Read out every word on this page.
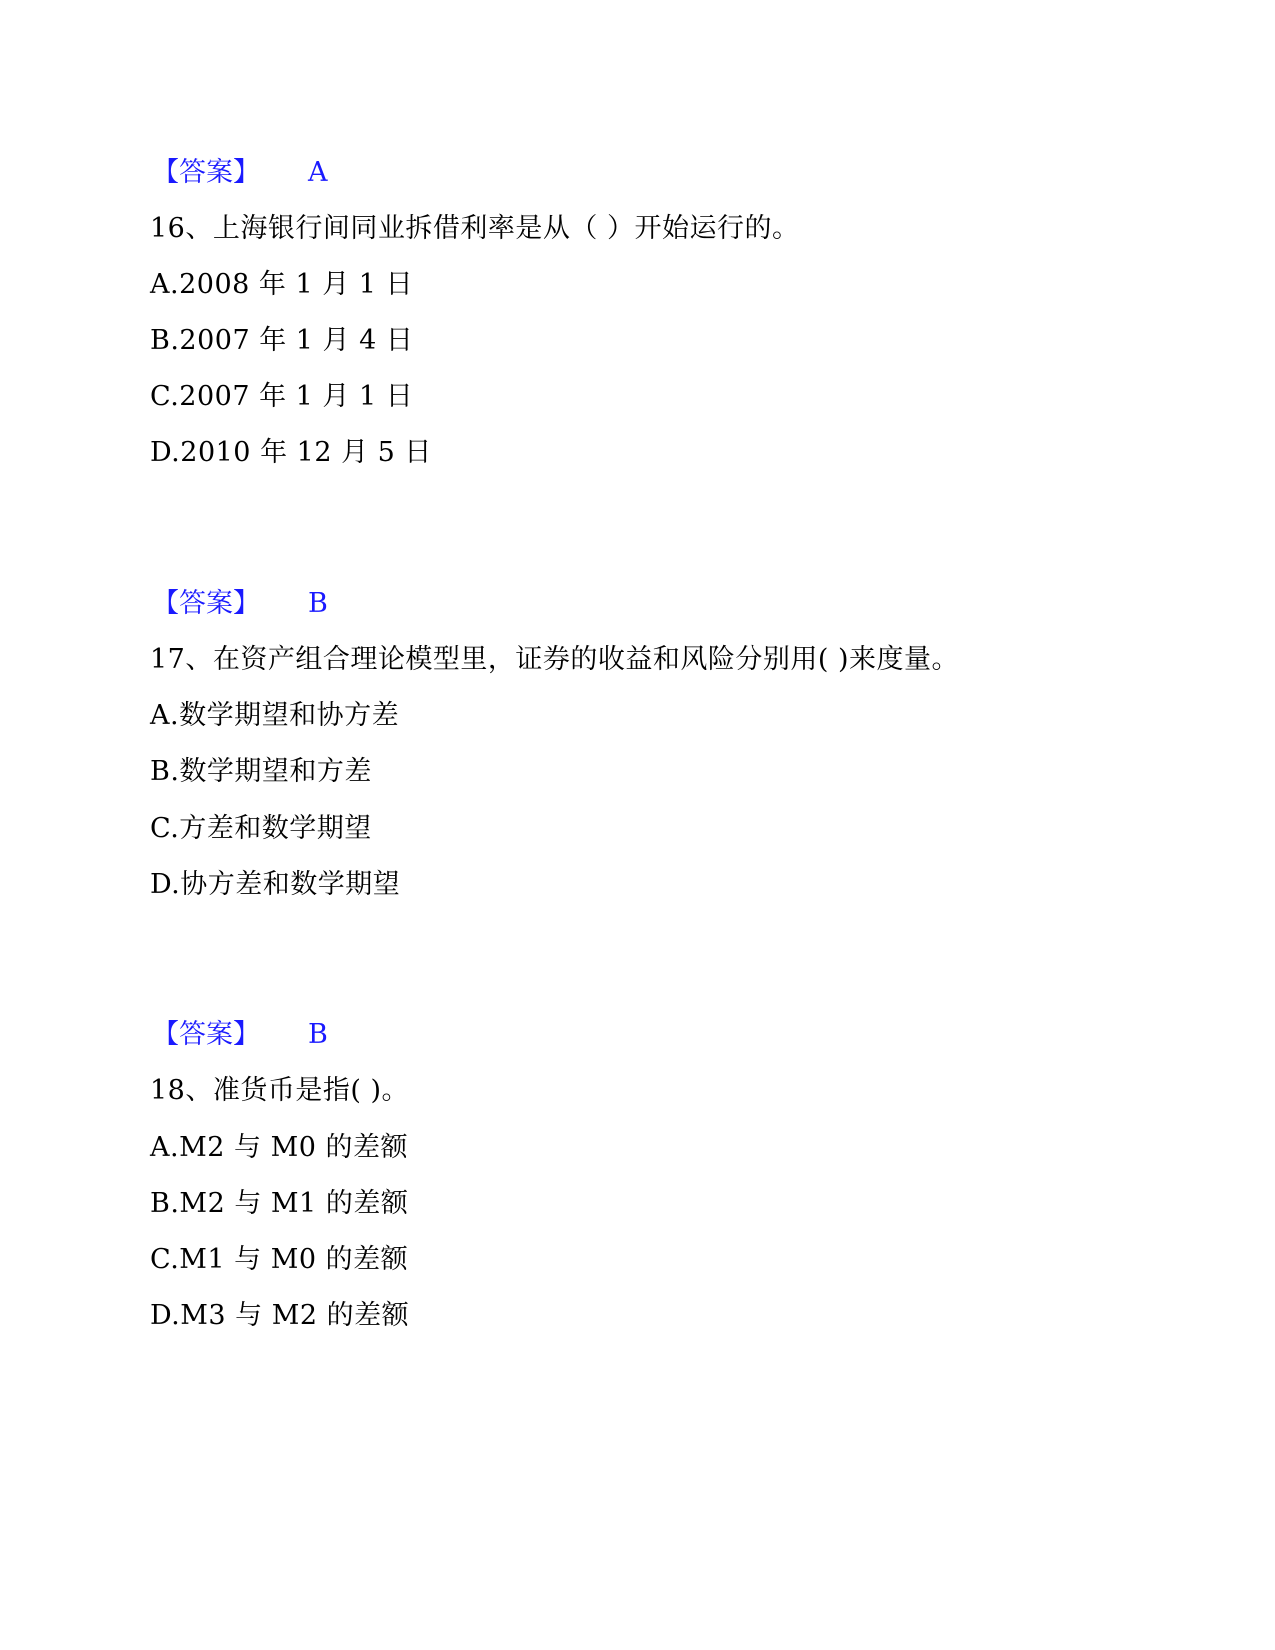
【答案】 A
16、上海银行间同业拆借利率是从（ ）开始运行的。
A.2008 年 1 月 1 日
B.2007 年 1 月 4 日
C.2007 年 1 月 1 日
D.2010 年 12 月 5 日
【答案】 B
17、在资产组合理论模型里，证券的收益和风险分别用( )来度量。
A.数学期望和协方差
B.数学期望和方差
C.方差和数学期望
D.协方差和数学期望
【答案】 B
18、准货币是指( )。
A.M2 与 M0 的差额
B.M2 与 M1 的差额
C.M1 与 M0 的差额
D.M3 与 M2 的差额
